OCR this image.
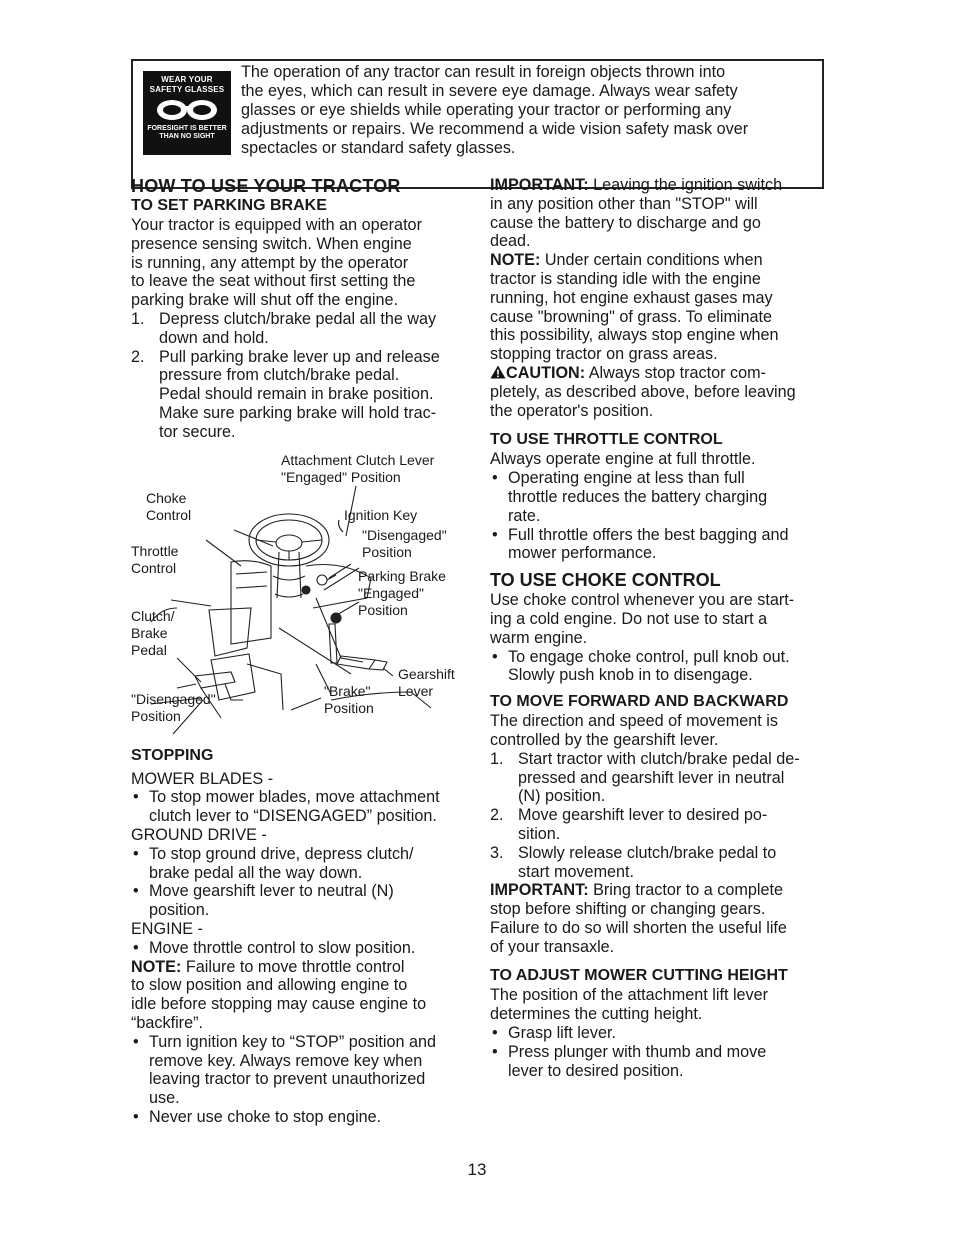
WEAR YOUR
SAFETY GLASSES
FORESIGHT IS BETTER
THAN NO SIGHT

The operation of any tractor can result in foreign objects thrown into
the eyes, which can result in severe eye damage. Always wear safety
glasses or eye shields while operating your tractor or performing any
adjustments or repairs. We recommend a wide vision safety mask over
spectacles or standard safety glasses.

HOW TO USE YOUR TRACTOR
TO SET PARKING BRAKE

Your tractor is equipped with an operator
presence sensing switch. When engine
is running, any attempt by the operator
to leave the seat without first setting the
parking brake will shut off the engine.

1. Depress clutch/brake pedal all the way
down and hold.
2. Pull parking brake lever up and release
pressure from clutch/brake pedal.
Pedal should remain in brake position.
Make sure parking brake will hold trac-
tor secure.
Attachment Clutch Lever
"Engaged" Position
Choke
Control	Ignition Key
"Disengaged"
Position
Throttle
Control	Parking Brake
"Engaged"
Position
Clutch/
Brake
Pedal
Gearshift
Lever
"Disengaged"
Position
"Brake"
Position
STOPPING

MOWER BLADES -

• To stop mower blades, move attachment
clutch lever to “DISENGAGED” position.

GROUND DRIVE -

• To stop ground drive, depress clutch/
brake pedal all the way down.
• Move gearshift lever to neutral (N)
position.

ENGINE -

• Move throttle control to slow position.

NOTE: Failure to move throttle control
to slow position and allowing engine to
idle before stopping may cause engine to
“backfire”.

• Turn ignition key to “STOP” position and
remove key. Always remove key when
leaving tractor to prevent unauthorized
use.
• Never use choke to stop engine.

IMPORTANT: Leaving the ignition switch
in any position other than "STOP" will
cause the battery to discharge and go
dead.

NOTE: Under certain conditions when
tractor is standing idle with the engine
running, hot engine exhaust gases may
cause "browning" of grass. To eliminate
this possibility, always stop engine when
stopping tractor on grass areas.

CAUTION: Always stop tractor com-
pletely, as described above, before leaving
the operator's position.

TO USE THROTTLE CONTROL

Always operate engine at full throttle.

• Operating engine at less than full
throttle reduces the battery charging
rate.
• Full throttle offers the best bagging and
mower performance.
TO USE CHOKE CONTROL

Use choke control whenever you are start-
ing a cold engine. Do not use to start a
warm engine.

• To engage choke control, pull knob out.
Slowly push knob in to disengage.
TO MOVE FORWARD AND BACKWARD

The direction and speed of movement is
controlled by the gearshift lever.

1. Start tractor with clutch/brake pedal de-
pressed and gearshift lever in neutral
(N) position.
2. Move gearshift lever to desired po-
sition.
3. Slowly release clutch/brake pedal to
start movement.

IMPORTANT: Bring tractor to a complete
stop before shifting or changing gears.
Failure to do so will shorten the useful life
of your transaxle.

TO ADJUST MOWER CUTTING HEIGHT

The position of the attachment lift lever
determines the cutting height.

• Grasp lift lever.
• Press plunger with thumb and move
lever to desired position.
13
